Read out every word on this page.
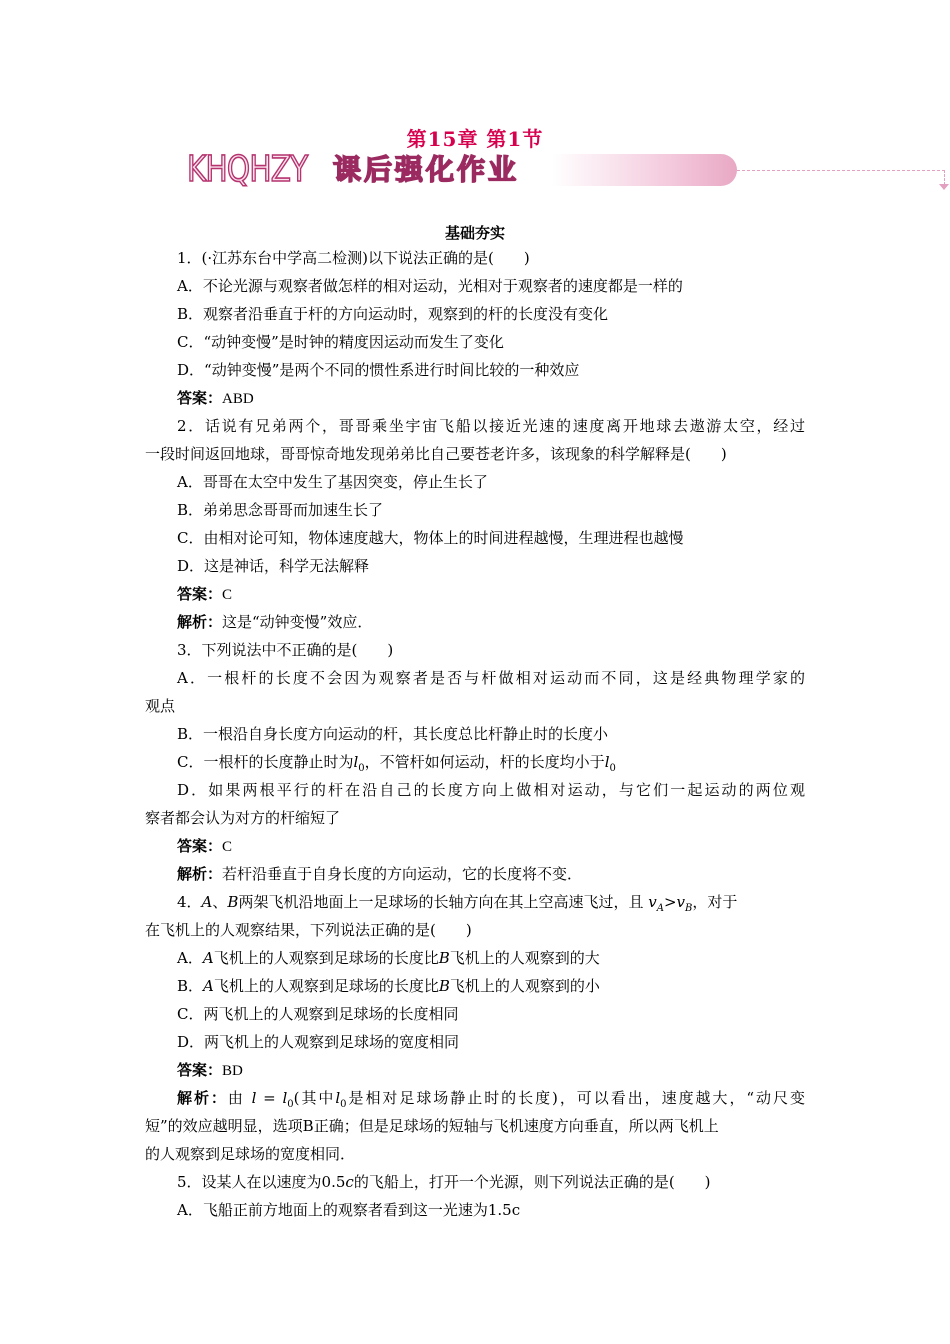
第15章 第1节
KHQHZY 课后强化作业
基础夯实
1．(·江苏东台中学高二检测)以下说法正确的是(　　)
A．不论光源与观察者做怎样的相对运动，光相对于观察者的速度都是一样的
B．观察者沿垂直于杆的方向运动时，观察到的杆的长度没有变化
C．“动钟变慢”是时钟的精度因运动而发生了变化
D．“动钟变慢”是两个不同的惯性系进行时间比较的一种效应
答案：ABD
2．话说有兄弟两个，哥哥乘坐宇宙飞船以接近光速的速度离开地球去遨游太空，经过
一段时间返回地球，哥哥惊奇地发现弟弟比自己要苍老许多，该现象的科学解释是(　　)
A．哥哥在太空中发生了基因突变，停止生长了
B．弟弟思念哥哥而加速生长了
C．由相对论可知，物体速度越大，物体上的时间进程越慢，生理进程也越慢
D．这是神话，科学无法解释
答案：C
解析：这是“动钟变慢”效应．
3．下列说法中不正确的是(　　)
A．一根杆的长度不会因为观察者是否与杆做相对运动而不同，这是经典物理学家的
观点
B．一根沿自身长度方向运动的杆，其长度总比杆静止时的长度小
C．一根杆的长度静止时为$l_0$，不管杆如何运动，杆的长度均小于$l_0$
D．如果两根平行的杆在沿自己的长度方向上做相对运动，与它们一起运动的两位观
察者都会认为对方的杆缩短了
答案：C
解析：若杆沿垂直于自身长度的方向运动，它的长度将不变．
4．A、B两架飞机沿地面上一足球场的长轴方向在其上空高速飞过，且 $v_A>v_B$，对于
在飞机上的人观察结果，下列说法正确的是(　　)
A．A飞机上的人观察到足球场的长度比B飞机上的人观察到的大
B．A飞机上的人观察到足球场的长度比B飞机上的人观察到的小
C．两飞机上的人观察到足球场的长度相同
D．两飞机上的人观察到足球场的宽度相同
答案：BD
解析：由 $l = l_0$(其中$l_0$是相对足球场静止时的长度)，可以看出，速度越大，“动尺变
短”的效应越明显，选项B正确；但是足球场的短轴与飞机速度方向垂直，所以两飞机上
的人观察到足球场的宽度相同．
5．设某人在以速度为0.5c的飞船上，打开一个光源，则下列说法正确的是(　　)
A．飞船正前方地面上的观察者看到这一光速为1.5c
